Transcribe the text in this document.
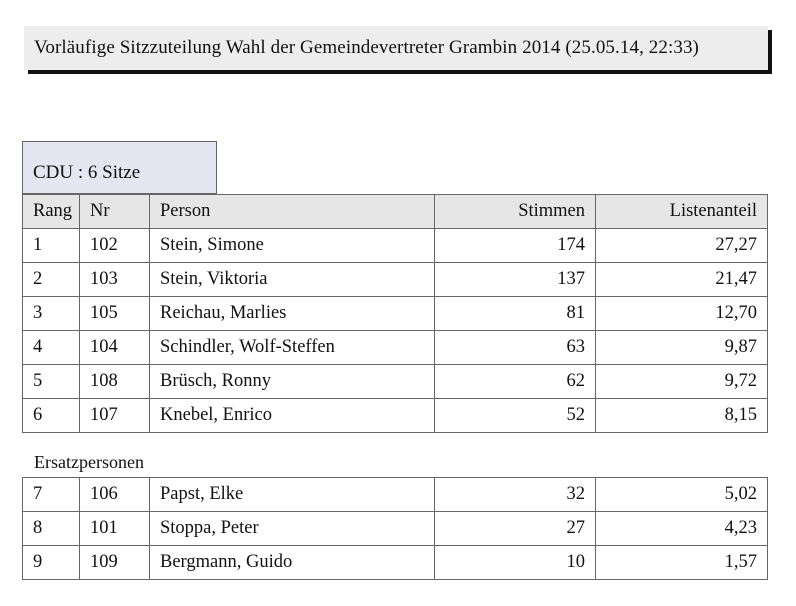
Vorläufige Sitzzuteilung Wahl der Gemeindevertreter Grambin 2014 (25.05.14, 22:33)
CDU : 6 Sitze
Rang	Nr	Person	Stimmen	Listenanteil
1	102	Stein, Simone	174	27,27
2	103	Stein, Viktoria	137	21,47
3	105	Reichau, Marlies	81	12,70
4	104	Schindler, Wolf-Steffen	63	9,87
5	108	Brüsch, Ronny	62	9,72
6	107	Knebel, Enrico	52	8,15
Ersatzpersonen
7	106	Papst, Elke	32	5,02
8	101	Stoppa, Peter	27	4,23
9	109	Bergmann, Guido	10	1,57
